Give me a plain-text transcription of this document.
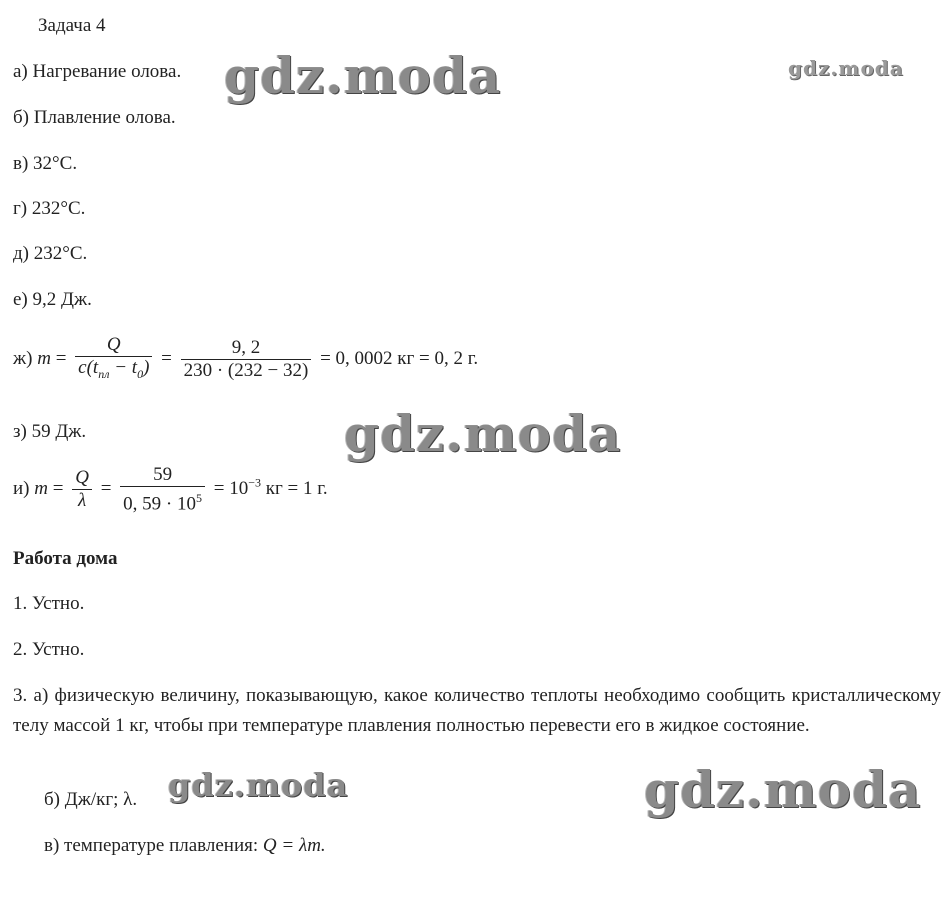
Задача 4
а) Нагревание олова.
б) Плавление олова.
в) 32°С.
г) 232°С.
д) 232°С.
е) 9,2 Дж.
ж) $m = \frac{Q}{c(t_{пл} - t_0)} = \frac{9, 2}{230 \cdot (232 - 32)} = 0$, 0002 кг = 0, 2 г.
з) 59 Дж.
и) $m = \frac{Q}{\lambda} = \frac{59}{0, 59 \cdot 10^5} = 10^{-3}$ кг = 1 г.
Работа дома
1. Устно.
2. Устно.
3. а) физическую величину, показывающую, какое количество теплоты необходимо сообщить кристаллическому телу массой 1 кг, чтобы при температуре плавления полностью перевести его в жидкое состояние.
б) Дж/кг; λ.
в) температуре плавления: Q = λm.
gdz.moda	gdz.moda
gdz.moda
gdz.moda	gdz.moda
